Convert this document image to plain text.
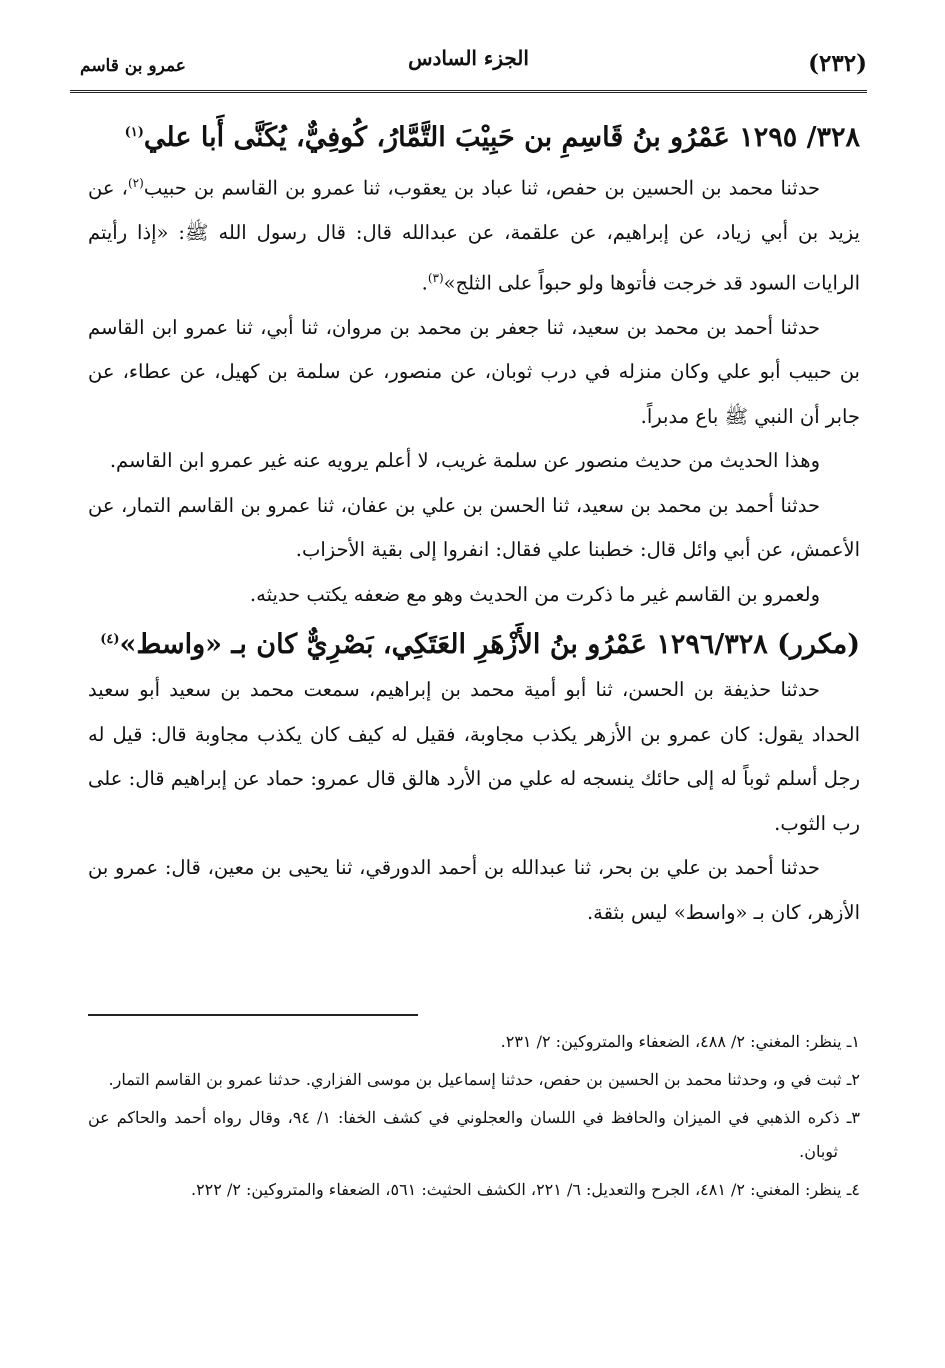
(٢٣٢)
الجزء السادس
عمرو بن قاسم

٣٢٨/ ١٢٩٥ عَمْرُو بنُ قَاسِمِ بن حَبِيْبَ التَّمَّارُ، كُوفِيٌّ، يُكَنَّى أَبا علي$^{(١)}$

حدثنا محمد بن الحسين بن حفص، ثنا عباد بن يعقوب، ثنا عمرو بن القاسم بن حبيب$^{(٢)}$، عن يزيد بن أبي زياد، عن إبراهيم، عن علقمة، عن عبدالله قال: قال رسول الله ﷺ: «إذا رأيتم الرايات السود قد خرجت فأتوها ولو حبواً على الثلج»$^{(٣)}$.

حدثنا أحمد بن محمد بن سعيد، ثنا جعفر بن محمد بن مروان، ثنا أبي، ثنا عمرو ابن القاسم بن حبيب أبو علي وكان منزله في درب ثوبان، عن منصور، عن سلمة بن كهيل، عن عطاء، عن جابر أن النبي ﷺ باع مدبراً.

وهذا الحديث من حديث منصور عن سلمة غريب، لا أعلم يرويه عنه غير عمرو ابن القاسم.

حدثنا أحمد بن محمد بن سعيد، ثنا الحسن بن علي بن عفان، ثنا عمرو بن القاسم التمار، عن الأعمش، عن أبي وائل قال: خطبنا علي فقال: انفروا إلى بقية الأحزاب.

ولعمرو بن القاسم غير ما ذكرت من الحديث وهو مع ضعفه يكتب حديثه.

(مكرر) ١٢٩٦/٣٢٨ عَمْرُو بنُ الأَزْهَرِ العَتَكِي، بَصْرِيٌّ كان بـ «واسط»$^{(٤)}$

حدثنا حذيفة بن الحسن، ثنا أبو أمية محمد بن إبراهيم، سمعت محمد بن سعيد أبو سعيد الحداد يقول: كان عمرو بن الأزهر يكذب مجاوبة، فقيل له كيف كان يكذب مجاوبة قال: قيل له رجل أسلم ثوباً له إلى حائك ينسجه له علي من الأرد هالق قال عمرو: حماد عن إبراهيم قال: على رب الثوب.

حدثنا أحمد بن علي بن بحر، ثنا عبدالله بن أحمد الدورقي، ثنا يحيى بن معين، قال: عمرو بن الأزهر، كان بـ «واسط» ليس بثقة.

١ـ ينظر: المغني: ٢/ ٤٨٨، الضعفاء والمتروكين: ٢/ ٢٣١.

٢ـ ثبت في و، وحدثنا محمد بن الحسين بن حفص، حدثنا إسماعيل بن موسى الفزاري. حدثنا عمرو بن القاسم التمار.

٣ـ ذكره الذهبي في الميزان والحافظ في اللسان والعجلوني في كشف الخفا: ١/ ٩٤، وقال رواه أحمد والحاكم عن ثوبان.

٤ـ ينظر: المغني: ٢/ ٤٨١، الجرح والتعديل: ٦/ ٢٢١، الكشف الحثيث: ٥٦١، الضعفاء والمتروكين: ٢/ ٢٢٢.
